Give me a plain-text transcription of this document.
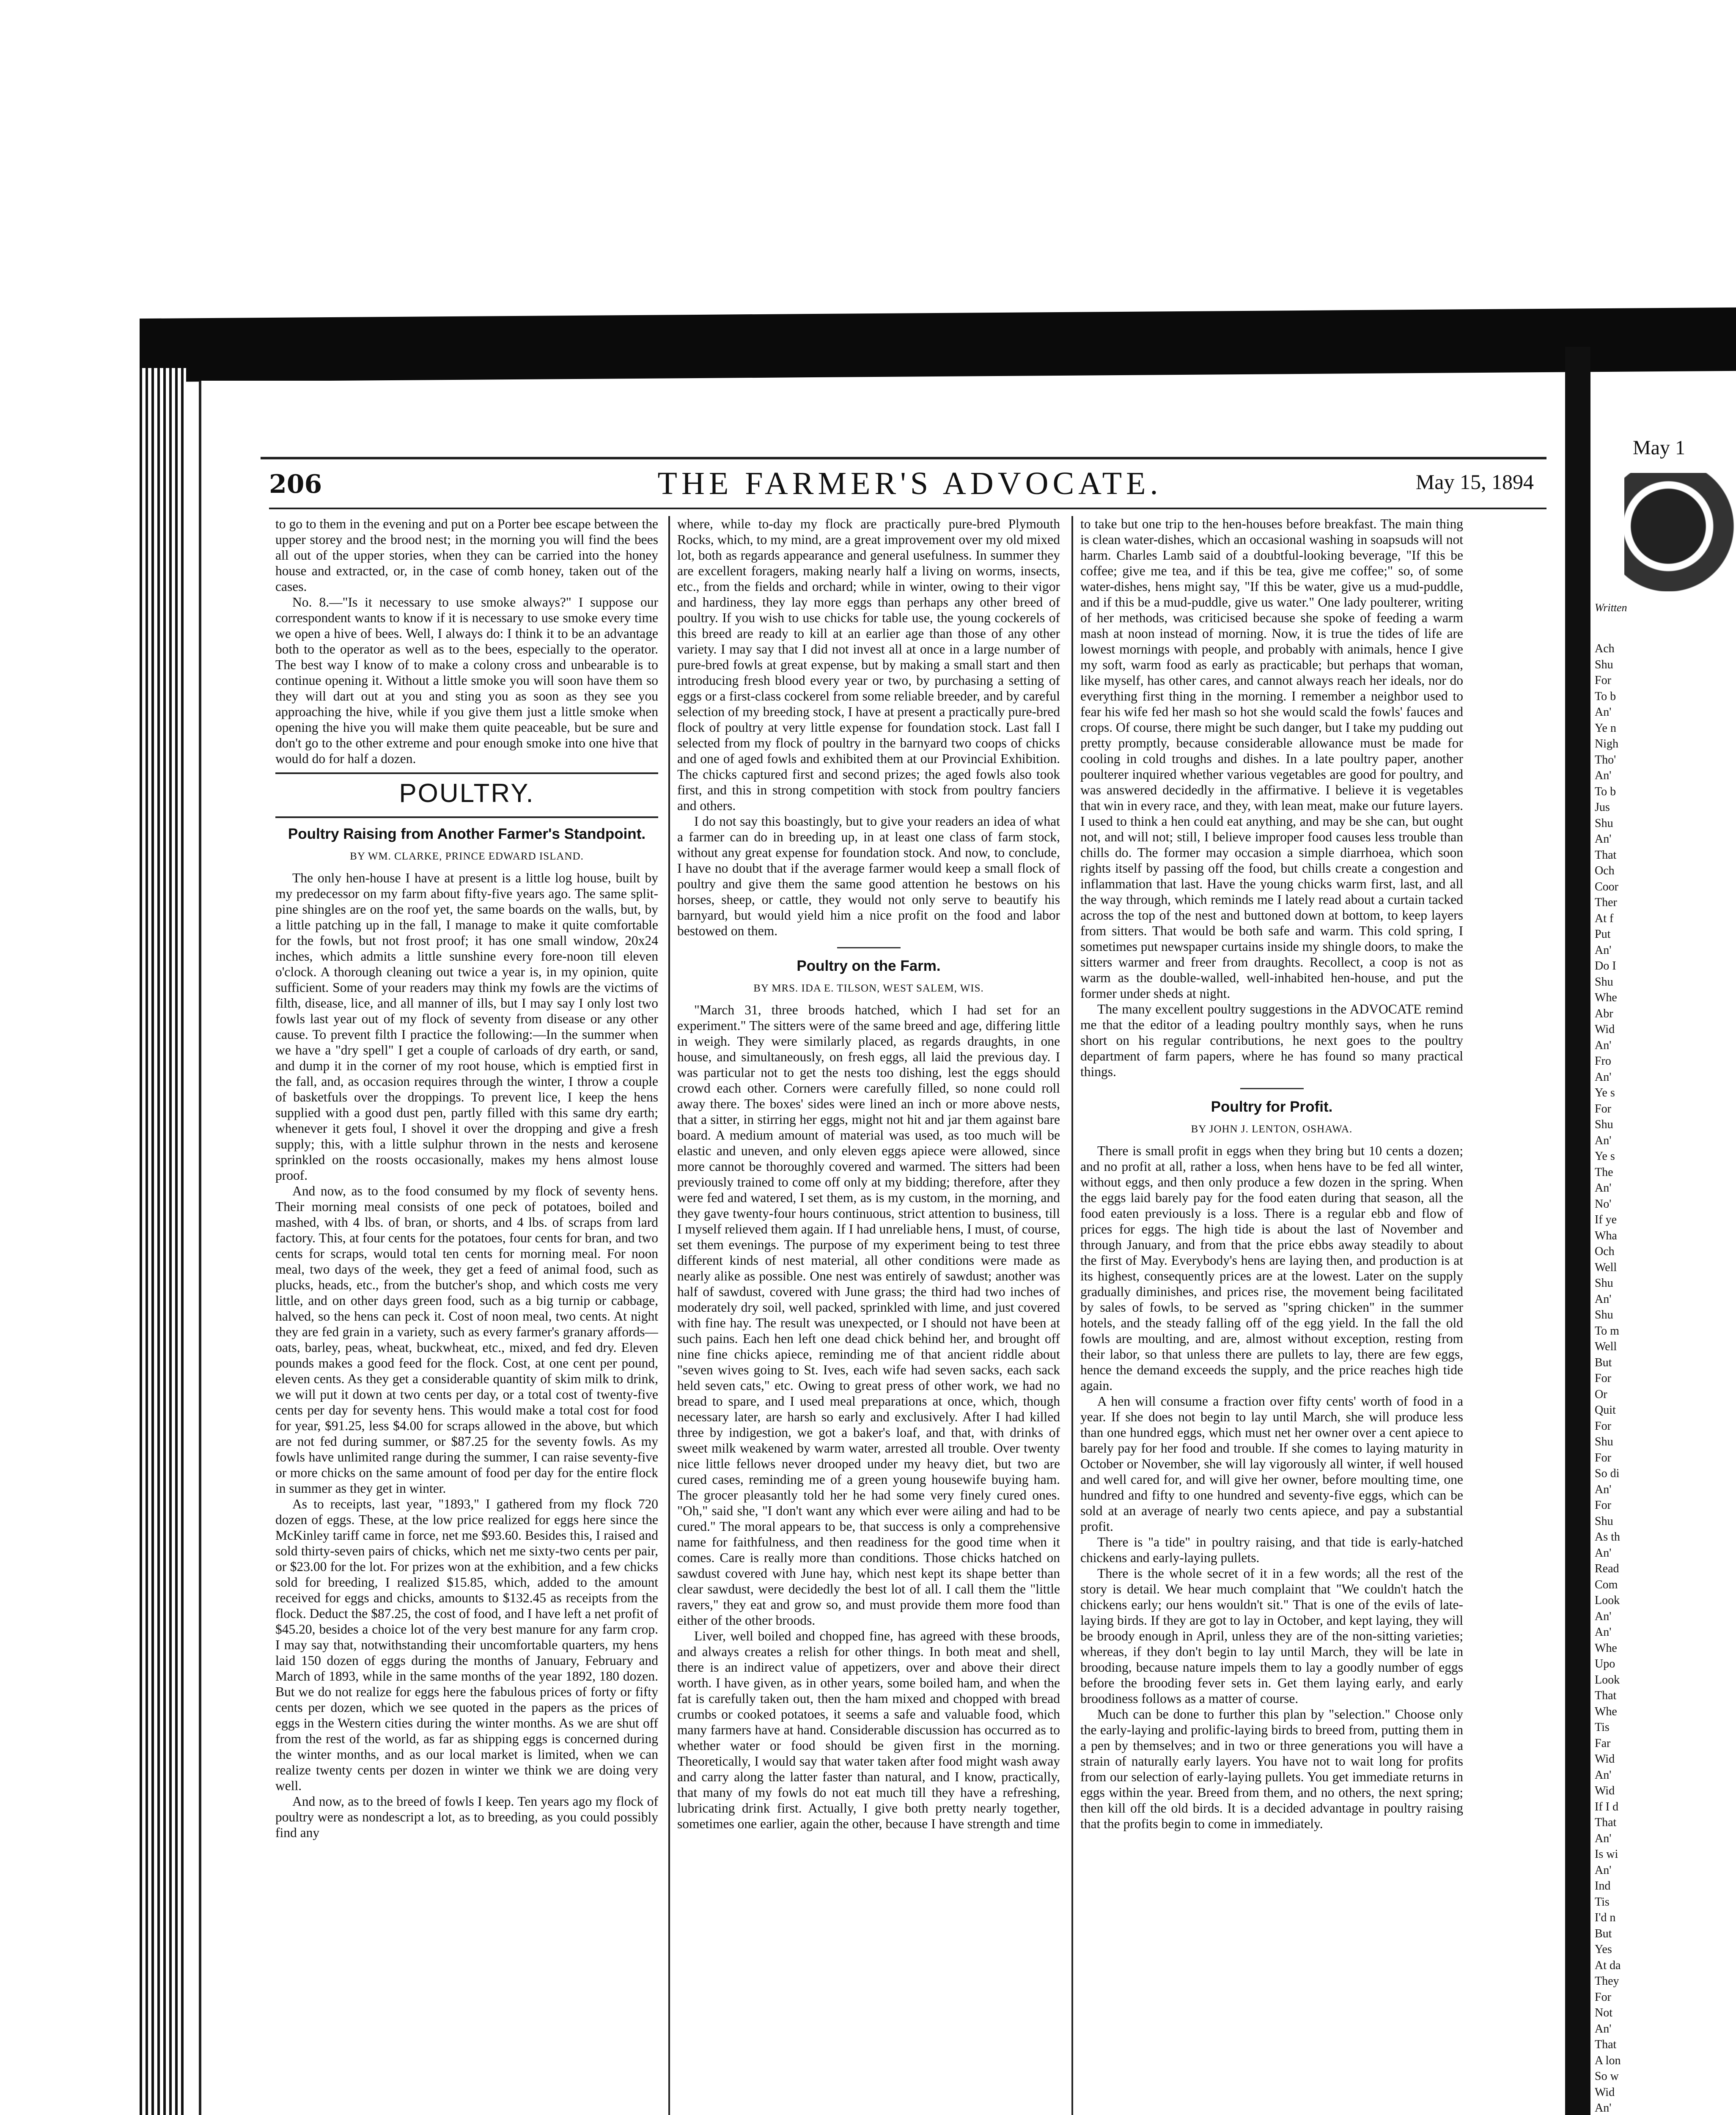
206	THE FARMER'S ADVOCATE.	May 15, 1894

to go to them in the evening and put on a Porter bee escape between the upper storey and the brood nest; in the morning you will find the bees all out of the upper stories, when they can be carried into the honey house and extracted, or, in the case of comb honey, taken out of the cases.

No. 8.—"Is it necessary to use smoke always?" I suppose our correspondent wants to know if it is necessary to use smoke every time we open a hive of bees. Well, I always do: I think it to be an advantage both to the operator as well as to the bees, especially to the operator. The best way I know of to make a colony cross and unbearable is to continue opening it. Without a little smoke you will soon have them so they will dart out at you and sting you as soon as they see you approaching the hive, while if you give them just a little smoke when opening the hive you will make them quite peaceable, but be sure and don't go to the other extreme and pour enough smoke into one hive that would do for half a dozen.

POULTRY.
Poultry Raising from Another Farmer's Standpoint.
BY WM. CLARKE, PRINCE EDWARD ISLAND.

The only hen-house I have at present is a little log house, built by my predecessor on my farm about fifty-five years ago. The same split-pine shingles are on the roof yet, the same boards on the walls, but, by a little patching up in the fall, I manage to make it quite comfortable for the fowls, but not frost proof; it has one small window, 20x24 inches, which admits a little sunshine every fore-noon till eleven o'clock. A thorough cleaning out twice a year is, in my opinion, quite sufficient. Some of your readers may think my fowls are the victims of filth, disease, lice, and all manner of ills, but I may say I only lost two fowls last year out of my flock of seventy from disease or any other cause. To prevent filth I practice the following:—In the summer when we have a "dry spell" I get a couple of carloads of dry earth, or sand, and dump it in the corner of my root house, which is emptied first in the fall, and, as occasion requires through the winter, I throw a couple of basketfuls over the droppings. To prevent lice, I keep the hens supplied with a good dust pen, partly filled with this same dry earth; whenever it gets foul, I shovel it over the dropping and give a fresh supply; this, with a little sulphur thrown in the nests and kerosene sprinkled on the roosts occasionally, makes my hens almost louse proof.

And now, as to the food consumed by my flock of seventy hens. Their morning meal consists of one peck of potatoes, boiled and mashed, with 4 lbs. of bran, or shorts, and 4 lbs. of scraps from lard factory. This, at four cents for the potatoes, four cents for bran, and two cents for scraps, would total ten cents for morning meal. For noon meal, two days of the week, they get a feed of animal food, such as plucks, heads, etc., from the butcher's shop, and which costs me very little, and on other days green food, such as a big turnip or cabbage, halved, so the hens can peck it. Cost of noon meal, two cents. At night they are fed grain in a variety, such as every farmer's granary affords—oats, barley, peas, wheat, buckwheat, etc., mixed, and fed dry. Eleven pounds makes a good feed for the flock. Cost, at one cent per pound, eleven cents. As they get a considerable quantity of skim milk to drink, we will put it down at two cents per day, or a total cost of twenty-five cents per day for seventy hens. This would make a total cost for food for year, $91.25, less $4.00 for scraps allowed in the above, but which are not fed during summer, or $87.25 for the seventy fowls. As my fowls have unlimited range during the summer, I can raise seventy-five or more chicks on the same amount of food per day for the entire flock in summer as they get in winter.

As to receipts, last year, "1893," I gathered from my flock 720 dozen of eggs. These, at the low price realized for eggs here since the McKinley tariff came in force, net me $93.60. Besides this, I raised and sold thirty-seven pairs of chicks, which net me sixty-two cents per pair, or $23.00 for the lot. For prizes won at the exhibition, and a few chicks sold for breeding, I realized $15.85, which, added to the amount received for eggs and chicks, amounts to $132.45 as receipts from the flock. Deduct the $87.25, the cost of food, and I have left a net profit of $45.20, besides a choice lot of the very best manure for any farm crop. I may say that, notwithstanding their uncomfortable quarters, my hens laid 150 dozen of eggs during the months of January, February and March of 1893, while in the same months of the year 1892, 180 dozen. But we do not realize for eggs here the fabulous prices of forty or fifty cents per dozen, which we see quoted in the papers as the prices of eggs in the Western cities during the winter months. As we are shut off from the rest of the world, as far as shipping eggs is concerned during the winter months, and as our local market is limited, when we can realize twenty cents per dozen in winter we think we are doing very well.

And now, as to the breed of fowls I keep. Ten years ago my flock of poultry were as nondescript a lot, as to breeding, as you could possibly find any

where, while to-day my flock are practically pure-bred Plymouth Rocks, which, to my mind, are a great improvement over my old mixed lot, both as regards appearance and general usefulness. In summer they are excellent foragers, making nearly half a living on worms, insects, etc., from the fields and orchard; while in winter, owing to their vigor and hardiness, they lay more eggs than perhaps any other breed of poultry. If you wish to use chicks for table use, the young cockerels of this breed are ready to kill at an earlier age than those of any other variety. I may say that I did not invest all at once in a large number of pure-bred fowls at great expense, but by making a small start and then introducing fresh blood every year or two, by purchasing a setting of eggs or a first-class cockerel from some reliable breeder, and by careful selection of my breeding stock, I have at present a practically pure-bred flock of poultry at very little expense for foundation stock. Last fall I selected from my flock of poultry in the barnyard two coops of chicks and one of aged fowls and exhibited them at our Provincial Exhibition. The chicks captured first and second prizes; the aged fowls also took first, and this in strong competition with stock from poultry fanciers and others.

I do not say this boastingly, but to give your readers an idea of what a farmer can do in breeding up, in at least one class of farm stock, without any great expense for foundation stock. And now, to conclude, I have no doubt that if the average farmer would keep a small flock of poultry and give them the same good attention he bestows on his horses, sheep, or cattle, they would not only serve to beautify his barnyard, but would yield him a nice profit on the food and labor bestowed on them.

Poultry on the Farm.
BY MRS. IDA E. TILSON, WEST SALEM, WIS.

"March 31, three broods hatched, which I had set for an experiment." The sitters were of the same breed and age, differing little in weigh. They were similarly placed, as regards draughts, in one house, and simultaneously, on fresh eggs, all laid the previous day. I was particular not to get the nests too dishing, lest the eggs should crowd each other. Corners were carefully filled, so none could roll away there. The boxes' sides were lined an inch or more above nests, that a sitter, in stirring her eggs, might not hit and jar them against bare board. A medium amount of material was used, as too much will be elastic and uneven, and only eleven eggs apiece were allowed, since more cannot be thoroughly covered and warmed. The sitters had been previously trained to come off only at my bidding; therefore, after they were fed and watered, I set them, as is my custom, in the morning, and they gave twenty-four hours continuous, strict attention to business, till I myself relieved them again. If I had unreliable hens, I must, of course, set them evenings. The purpose of my experiment being to test three different kinds of nest material, all other conditions were made as nearly alike as possible. One nest was entirely of sawdust; another was half of sawdust, covered with June grass; the third had two inches of moderately dry soil, well packed, sprinkled with lime, and just covered with fine hay. The result was unexpected, or I should not have been at such pains. Each hen left one dead chick behind her, and brought off nine fine chicks apiece, reminding me of that ancient riddle about "seven wives going to St. Ives, each wife had seven sacks, each sack held seven cats," etc. Owing to great press of other work, we had no bread to spare, and I used meal preparations at once, which, though necessary later, are harsh so early and exclusively. After I had killed three by indigestion, we got a baker's loaf, and that, with drinks of sweet milk weakened by warm water, arrested all trouble. Over twenty nice little fellows never drooped under my heavy diet, but two are cured cases, reminding me of a green young housewife buying ham. The grocer pleasantly told her he had some very finely cured ones. "Oh," said she, "I don't want any which ever were ailing and had to be cured." The moral appears to be, that success is only a comprehensive name for faithfulness, and then readiness for the good time when it comes. Care is really more than conditions. Those chicks hatched on sawdust covered with June hay, which nest kept its shape better than clear sawdust, were decidedly the best lot of all. I call them the "little ravers," they eat and grow so, and must provide them more food than either of the other broods.

Liver, well boiled and chopped fine, has agreed with these broods, and always creates a relish for other things. In both meat and shell, there is an indirect value of appetizers, over and above their direct worth. I have given, as in other years, some boiled ham, and when the fat is carefully taken out, then the ham mixed and chopped with bread crumbs or cooked potatoes, it seems a safe and valuable food, which many farmers have at hand. Considerable discussion has occurred as to whether water or food should be given first in the morning. Theoretically, I would say that water taken after food might wash away and carry along the latter faster than natural, and I know, practically, that many of my fowls do not eat much till they have a refreshing, lubricating drink first. Actually, I give both pretty nearly together, sometimes one earlier, again the other, because I have strength and time

to take but one trip to the hen-houses before breakfast. The main thing is clean water-dishes, which an occasional washing in soapsuds will not harm. Charles Lamb said of a doubtful-looking beverage, "If this be coffee; give me tea, and if this be tea, give me coffee;" so, of some water-dishes, hens might say, "If this be water, give us a mud-puddle, and if this be a mud-puddle, give us water." One lady poulterer, writing of her methods, was criticised because she spoke of feeding a warm mash at noon instead of morning. Now, it is true the tides of life are lowest mornings with people, and probably with animals, hence I give my soft, warm food as early as practicable; but perhaps that woman, like myself, has other cares, and cannot always reach her ideals, nor do everything first thing in the morning. I remember a neighbor used to fear his wife fed her mash so hot she would scald the fowls' fauces and crops. Of course, there might be such danger, but I take my pudding out pretty promptly, because considerable allowance must be made for cooling in cold troughs and dishes. In a late poultry paper, another poulterer inquired whether various vegetables are good for poultry, and was answered decidedly in the affirmative. I believe it is vegetables that win in every race, and they, with lean meat, make our future layers. I used to think a hen could eat anything, and may be she can, but ought not, and will not; still, I believe improper food causes less trouble than chills do. The former may occasion a simple diarrhoea, which soon rights itself by passing off the food, but chills create a congestion and inflammation that last. Have the young chicks warm first, last, and all the way through, which reminds me I lately read about a curtain tacked across the top of the nest and buttoned down at bottom, to keep layers from sitters. That would be both safe and warm. This cold spring, I sometimes put newspaper curtains inside my shingle doors, to make the sitters warmer and freer from draughts. Recollect, a coop is not as warm as the double-walled, well-inhabited hen-house, and put the former under sheds at night.

The many excellent poultry suggestions in the ADVOCATE remind me that the editor of a leading poultry monthly says, when he runs short on his regular contributions, he next goes to the poultry department of farm papers, where he has found so many practical things.

Poultry for Profit.
BY JOHN J. LENTON, OSHAWA.

There is small profit in eggs when they bring but 10 cents a dozen; and no profit at all, rather a loss, when hens have to be fed all winter, without eggs, and then only produce a few dozen in the spring. When the eggs laid barely pay for the food eaten during that season, all the food eaten previously is a loss. There is a regular ebb and flow of prices for eggs. The high tide is about the last of November and through January, and from that the price ebbs away steadily to about the first of May. Everybody's hens are laying then, and production is at its highest, consequently prices are at the lowest. Later on the supply gradually diminishes, and prices rise, the movement being facilitated by sales of fowls, to be served as "spring chicken" in the summer hotels, and the steady falling off of the egg yield. In the fall the old fowls are moulting, and are, almost without exception, resting from their labor, so that unless there are pullets to lay, there are few eggs, hence the demand exceeds the supply, and the price reaches high tide again.

A hen will consume a fraction over fifty cents' worth of food in a year. If she does not begin to lay until March, she will produce less than one hundred eggs, which must net her owner over a cent apiece to barely pay for her food and trouble. If she comes to laying maturity in October or November, she will lay vigorously all winter, if well housed and well cared for, and will give her owner, before moulting time, one hundred and fifty to one hundred and seventy-five eggs, which can be sold at an average of nearly two cents apiece, and pay a substantial profit.

There is "a tide" in poultry raising, and that tide is early-hatched chickens and early-laying pullets.

There is the whole secret of it in a few words; all the rest of the story is detail. We hear much complaint that "We couldn't hatch the chickens early; our hens wouldn't sit." That is one of the evils of late-laying birds. If they are got to lay in October, and kept laying, they will be broody enough in April, unless they are of the non-sitting varieties; whereas, if they don't begin to lay until March, they will be late in brooding, because nature impels them to lay a goodly number of eggs before the brooding fever sets in. Get them laying early, and early broodiness follows as a matter of course.

Much can be done to further this plan by "selection." Choose only the early-laying and prolific-laying birds to breed from, putting them in a pen by themselves; and in two or three generations you will have a strain of naturally early layers. You have not to wait long for profits from our selection of early-laying pullets. You get immediate returns in eggs within the year. Breed from them, and no others, the next spring; then kill off the old birds. It is a decided advantage in poultry raising that the profits begin to come in immediately.

May 1
Written
Ach
Shu
For
To b
An'
Ye n
Nigh
Tho'
An'
To b
Jus
Shu
An'
That
Och
Coor
Ther
At f
Put
An'
Do I
Shu
Whe
Abr
Wid
An'
Fro
An'
Ye s
For
Shu
An'
Ye s
The
An'
No'
If ye
Wha
Och
Well
Shu
An'
Shu
To m
Well
But
For
Or
Quit
For
Shu
For
So di
An'
For
Shu
As th
An'
Read
Com
Look
An'
An'
Whe
Upo
Look
That
Whe
Tis
Far
Wid
An'
Wid
If I d
That
An'
Is wi
An'
Ind
Tis
I'd n
But
Yes
At da
They
For
Not
An'
That
A lon
So w
Wid
An'
